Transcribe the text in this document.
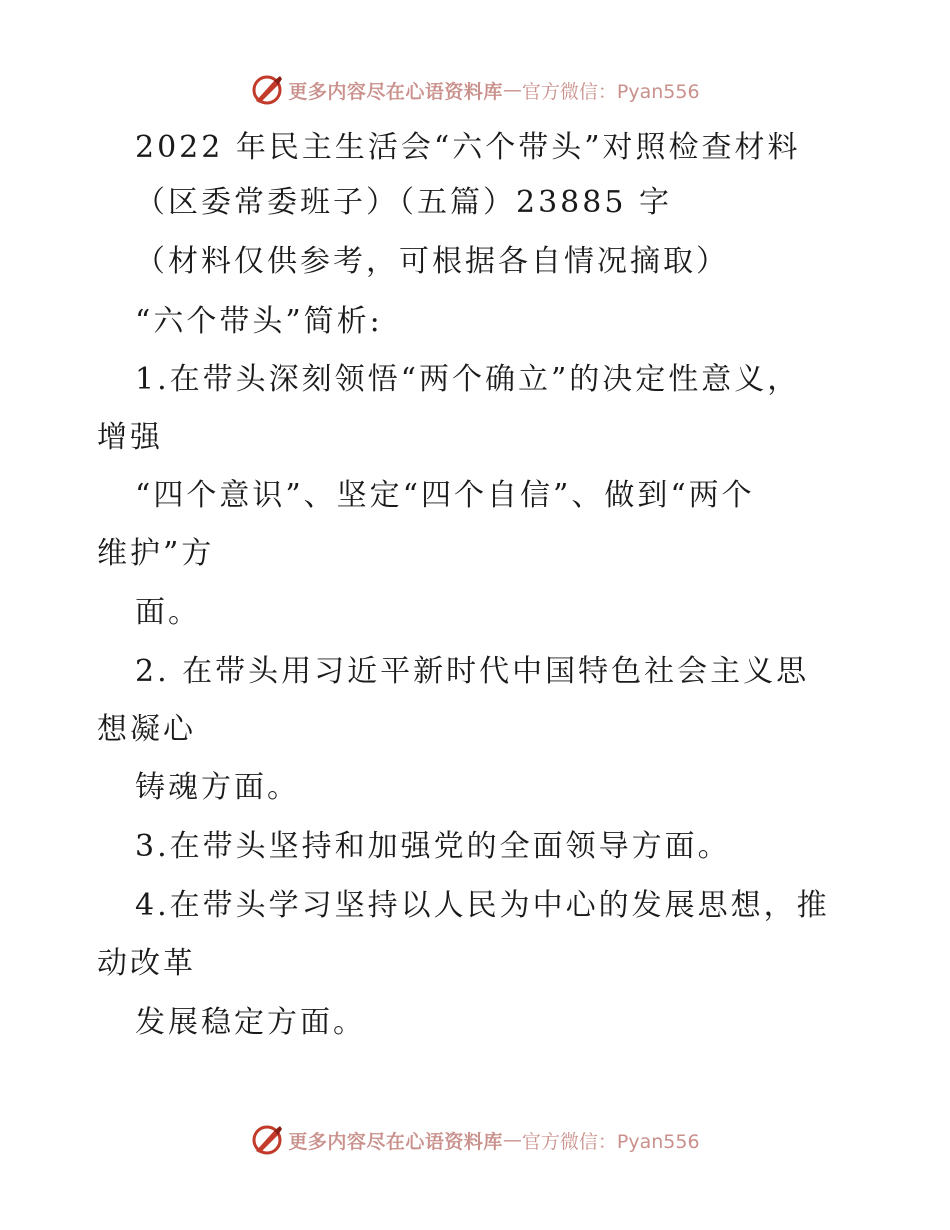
更多内容尽在心语资料库 — 官方微信：Pyan556
2022 年民主生活会“六个带头”对照检查材料
（区委常委班子）（五篇）23885 字
（材料仅供参考，可根据各自情况摘取）
“六个带头”简析:
1.在带头深刻领悟“两个确立”的决定性意义，
增强
“四个意识”、坚定“四个自信”、做到“两个
维护”方
面。
2. 在带头用习近平新时代中国特色社会主义思
想凝心
铸魂方面。
3.在带头坚持和加强党的全面领导方面。
4.在带头学习坚持以人民为中心的发展思想，推
动改革
发展稳定方面。
更多内容尽在心语资料库 — 官方微信：Pyan556
